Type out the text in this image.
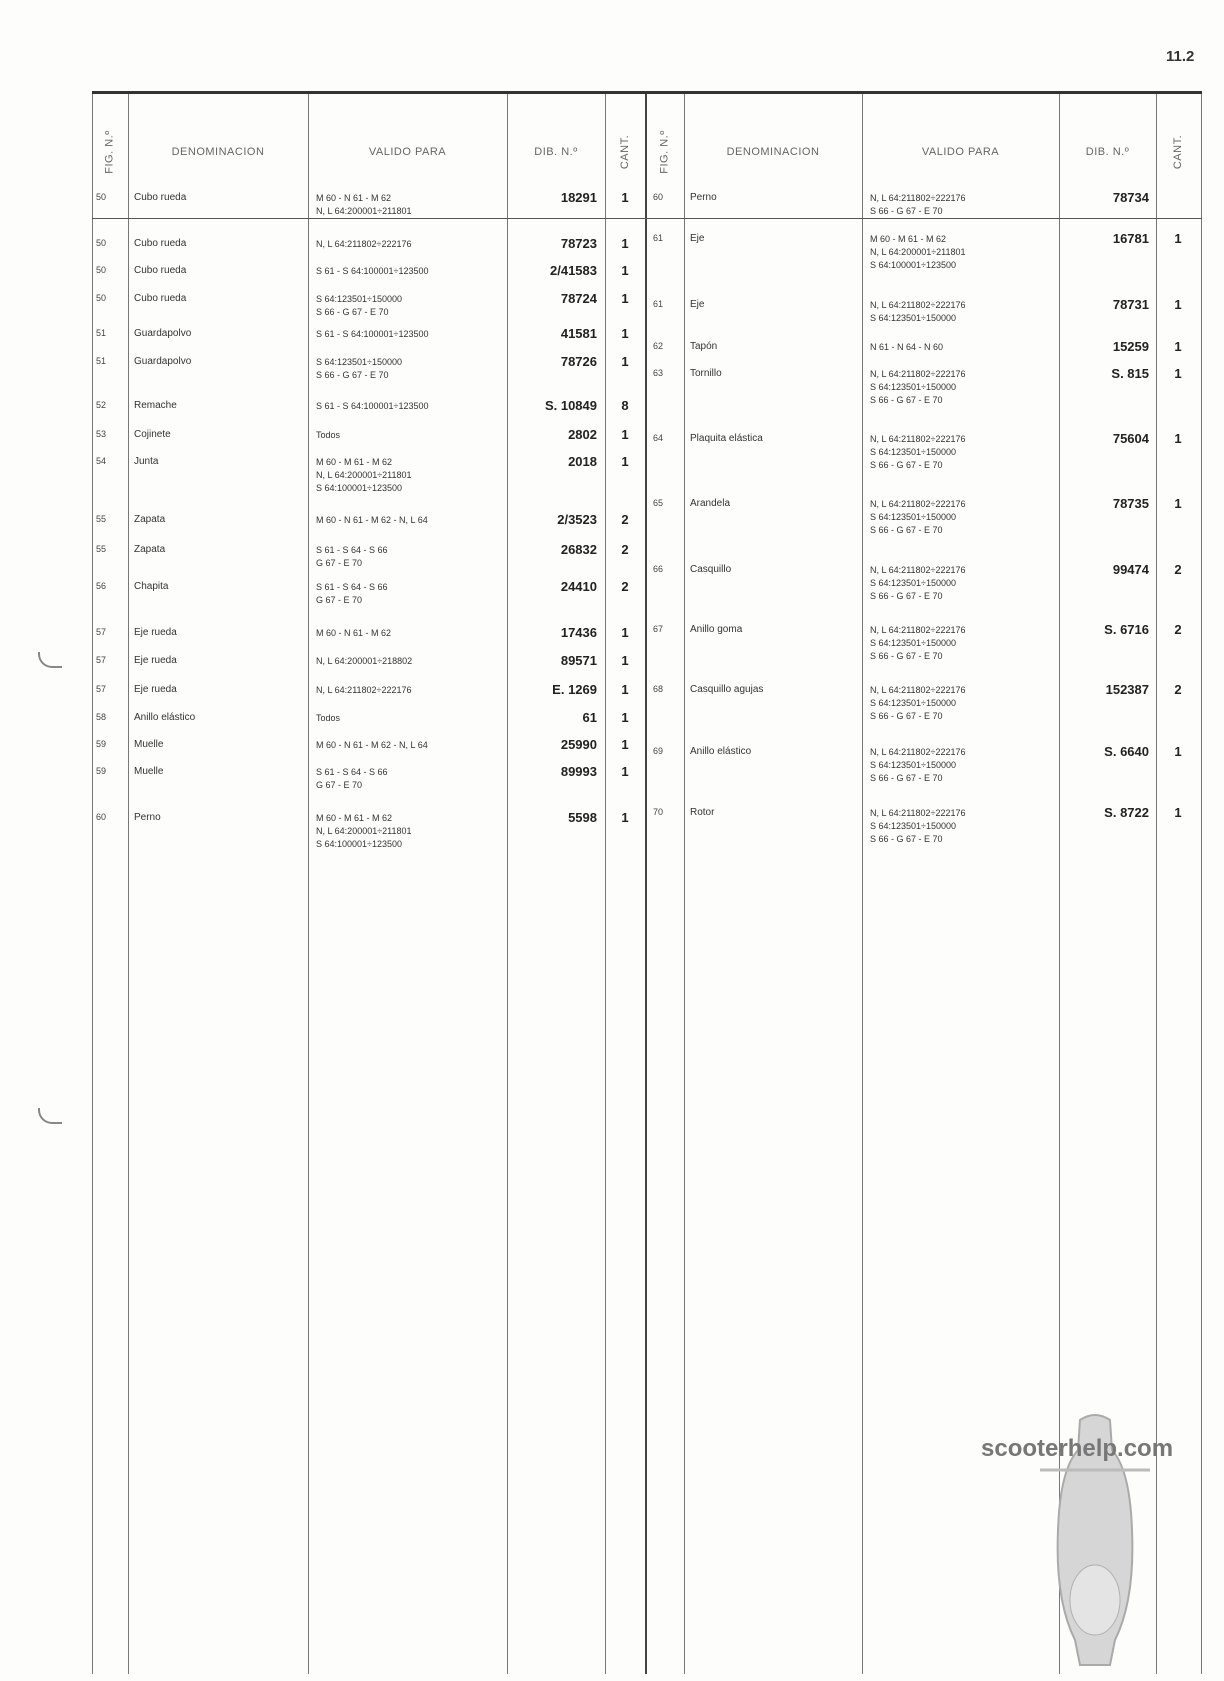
11.2
FIG. N.º	DENOMINACION	VALIDO PARA	DIB. N.º	CANT.	FIG. N.º	DENOMINACION	VALIDO PARA	DIB. N.º	CANT.
50	Cubo rueda	M 60 - N 61 - M 62
N, L 64:200001÷211801
18291	1
50	Cubo rueda	N, L 64:211802÷222176	78723	1
50	Cubo rueda	S 61 - S 64:100001÷123500	2/41583	1
50	Cubo rueda	S 64:123501÷150000
S 66 - G 67 - E 70
78724	1
51	Guardapolvo	S 61 - S 64:100001÷123500	41581	1
51	Guardapolvo	S 64:123501÷150000
S 66 - G 67 - E 70
78726	1
52	Remache	S 61 - S 64:100001÷123500	S. 10849	8
53	Cojinete	Todos	2802	1
54	Junta	M 60 - M 61 - M 62
N, L 64:200001÷211801
S 64:100001÷123500
2018	1
55	Zapata	M 60 - N 61 - M 62 - N, L 64	2/3523	2
55	Zapata	S 61 - S 64 - S 66
G 67 - E 70
26832	2
56	Chapita	S 61 - S 64 - S 66
G 67 - E 70
24410	2
57	Eje rueda	M 60 - N 61 - M 62	17436	1
57	Eje rueda	N, L 64:200001÷218802	89571	1
57	Eje rueda	N, L 64:211802÷222176	E. 1269	1
58	Anillo elástico	Todos	61	1
59	Muelle	M 60 - N 61 - M 62 - N, L 64	25990	1
59	Muelle	S 61 - S 64 - S 66
G 67 - E 70
89993	1
60	Perno	M 60 - M 61 - M 62
N, L 64:200001÷211801
S 64:100001÷123500
5598	1
60	Perno	N, L 64:211802÷222176
S 66 - G 67 - E 70
78734
61	Eje	M 60 - M 61 - M 62
N, L 64:200001÷211801
S 64:100001÷123500
16781	1
61	Eje	N, L 64:211802÷222176
S 64:123501÷150000
78731	1
62	Tapón	N 61 - N 64 - N 60	15259	1
63	Tornillo	N, L 64:211802÷222176
S 64:123501÷150000
S 66 - G 67 - E 70
S. 815	1
64	Plaquita elástica	N, L 64:211802÷222176
S 64:123501÷150000
S 66 - G 67 - E 70
75604	1
65	Arandela	N, L 64:211802÷222176
S 64:123501÷150000
S 66 - G 67 - E 70
78735	1
66	Casquillo	N, L 64:211802÷222176
S 64:123501÷150000
S 66 - G 67 - E 70
99474	2
67	Anillo goma	N, L 64:211802÷222176
S 64:123501÷150000
S 66 - G 67 - E 70
S. 6716	2
68	Casquillo agujas	N, L 64:211802÷222176
S 64:123501÷150000
S 66 - G 67 - E 70
152387	2
69	Anillo elástico	N, L 64:211802÷222176
S 64:123501÷150000
S 66 - G 67 - E 70
S. 6640	1
70	Rotor	N, L 64:211802÷222176
S 64:123501÷150000
S 66 - G 67 - E 70
S. 8722	1
scooterhelp.com
